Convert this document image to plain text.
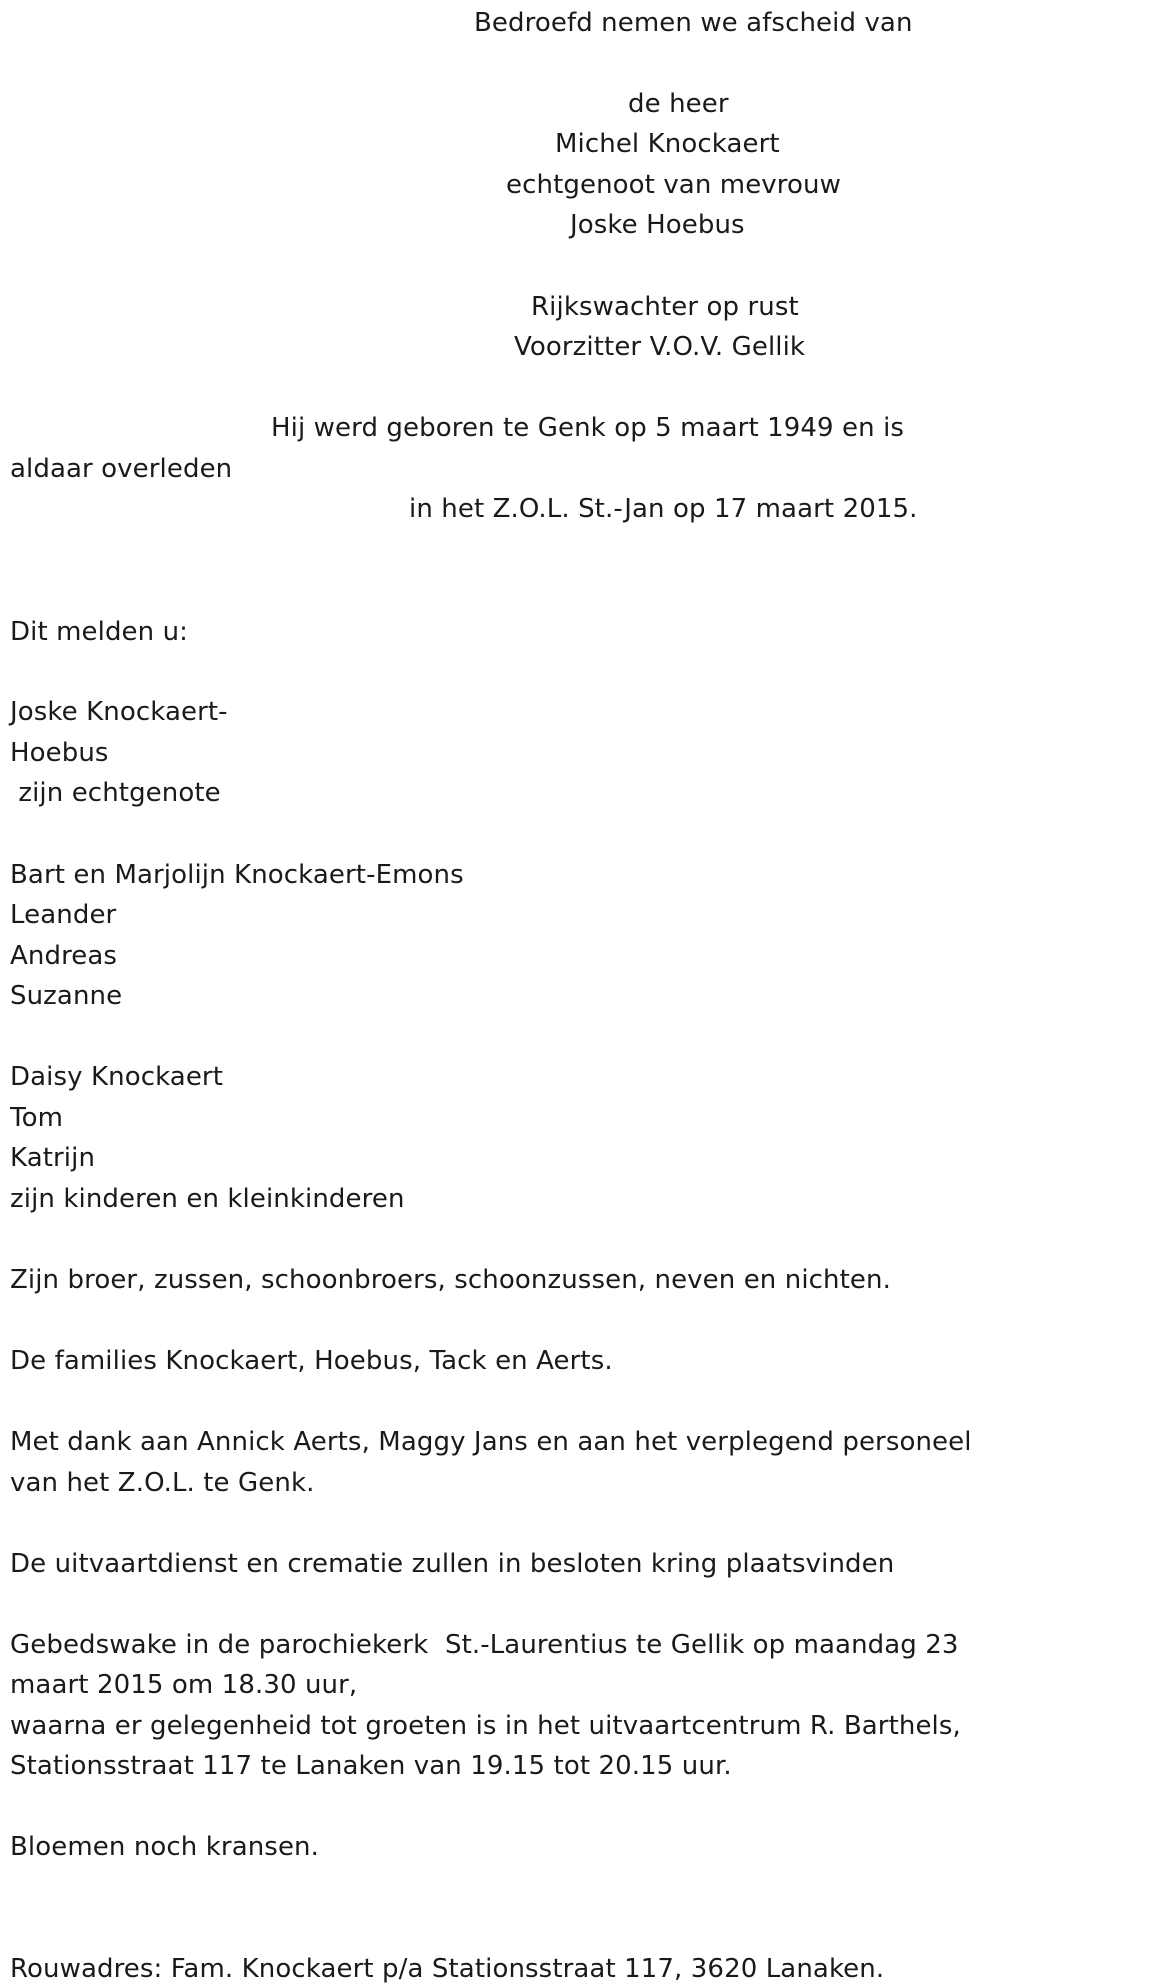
Bedroefd nemen we afscheid van
de heer
Michel Knockaert
echtgenoot van mevrouw
Joske Hoebus
Rijkswachter op rust
Voorzitter V.O.V. Gellik
Hij werd geboren te Genk op 5 maart 1949 en is
aldaar overleden
in het Z.O.L. St.-Jan op 17 maart 2015.
Dit melden u:
Joske Knockaert-
Hoebus
zijn echtgenote
Bart en Marjolijn Knockaert-Emons
Leander
Andreas
Suzanne
Daisy Knockaert
Tom
Katrijn
zijn kinderen en kleinkinderen
Zijn broer, zussen, schoonbroers, schoonzussen, neven en nichten.
De families Knockaert, Hoebus, Tack en Aerts.
Met dank aan Annick Aerts, Maggy Jans en aan het verplegend personeel
van het Z.O.L. te Genk.
De uitvaartdienst en crematie zullen in besloten kring plaatsvinden
Gebedswake in de parochiekerk  St.-Laurentius te Gellik op maandag 23
maart 2015 om 18.30 uur,
waarna er gelegenheid tot groeten is in het uitvaartcentrum R. Barthels,
Stationsstraat 117 te Lanaken van 19.15 tot 20.15 uur.
Bloemen noch kransen.
Rouwadres: Fam. Knockaert p/a Stationsstraat 117, 3620 Lanaken.
